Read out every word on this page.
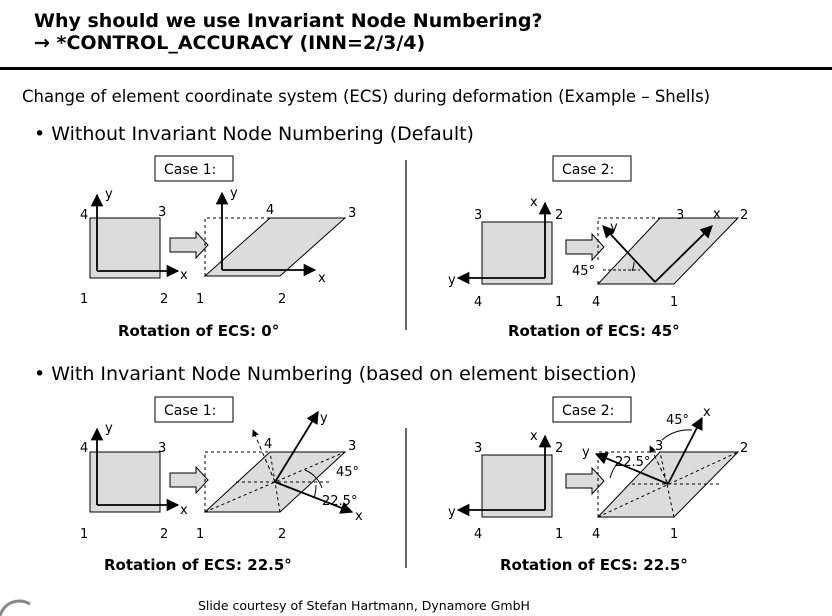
Why should we use Invariant Node Numbering?
→ *CONTROL_ACCURACY (INN=2/3/4)
Change of element coordinate system (ECS) during deformation (Example – Shells)
• Without Invariant Node Numbering (Default)
• With Invariant Node Numbering (based on element bisection)
Rotation of ECS: 0°	Rotation of ECS: 45°
Rotation of ECS: 22.5°	Rotation of ECS: 22.5°
Slide courtesy of Stefan Hartmann, Dynamore GmbH
Case 1:
y
x
4	3
1	2
y
x
4	3
1	2
Case 2:
x
y
3	2
4	1
45°
y
x
3	2
4	1
Case 1:
y
x
4	3
1	2
y
x
45°
22.5°
4	3
1	2
Case 2:
x
y
3	2
4	1
y
x
45°
22.5°
3	2
4	1
